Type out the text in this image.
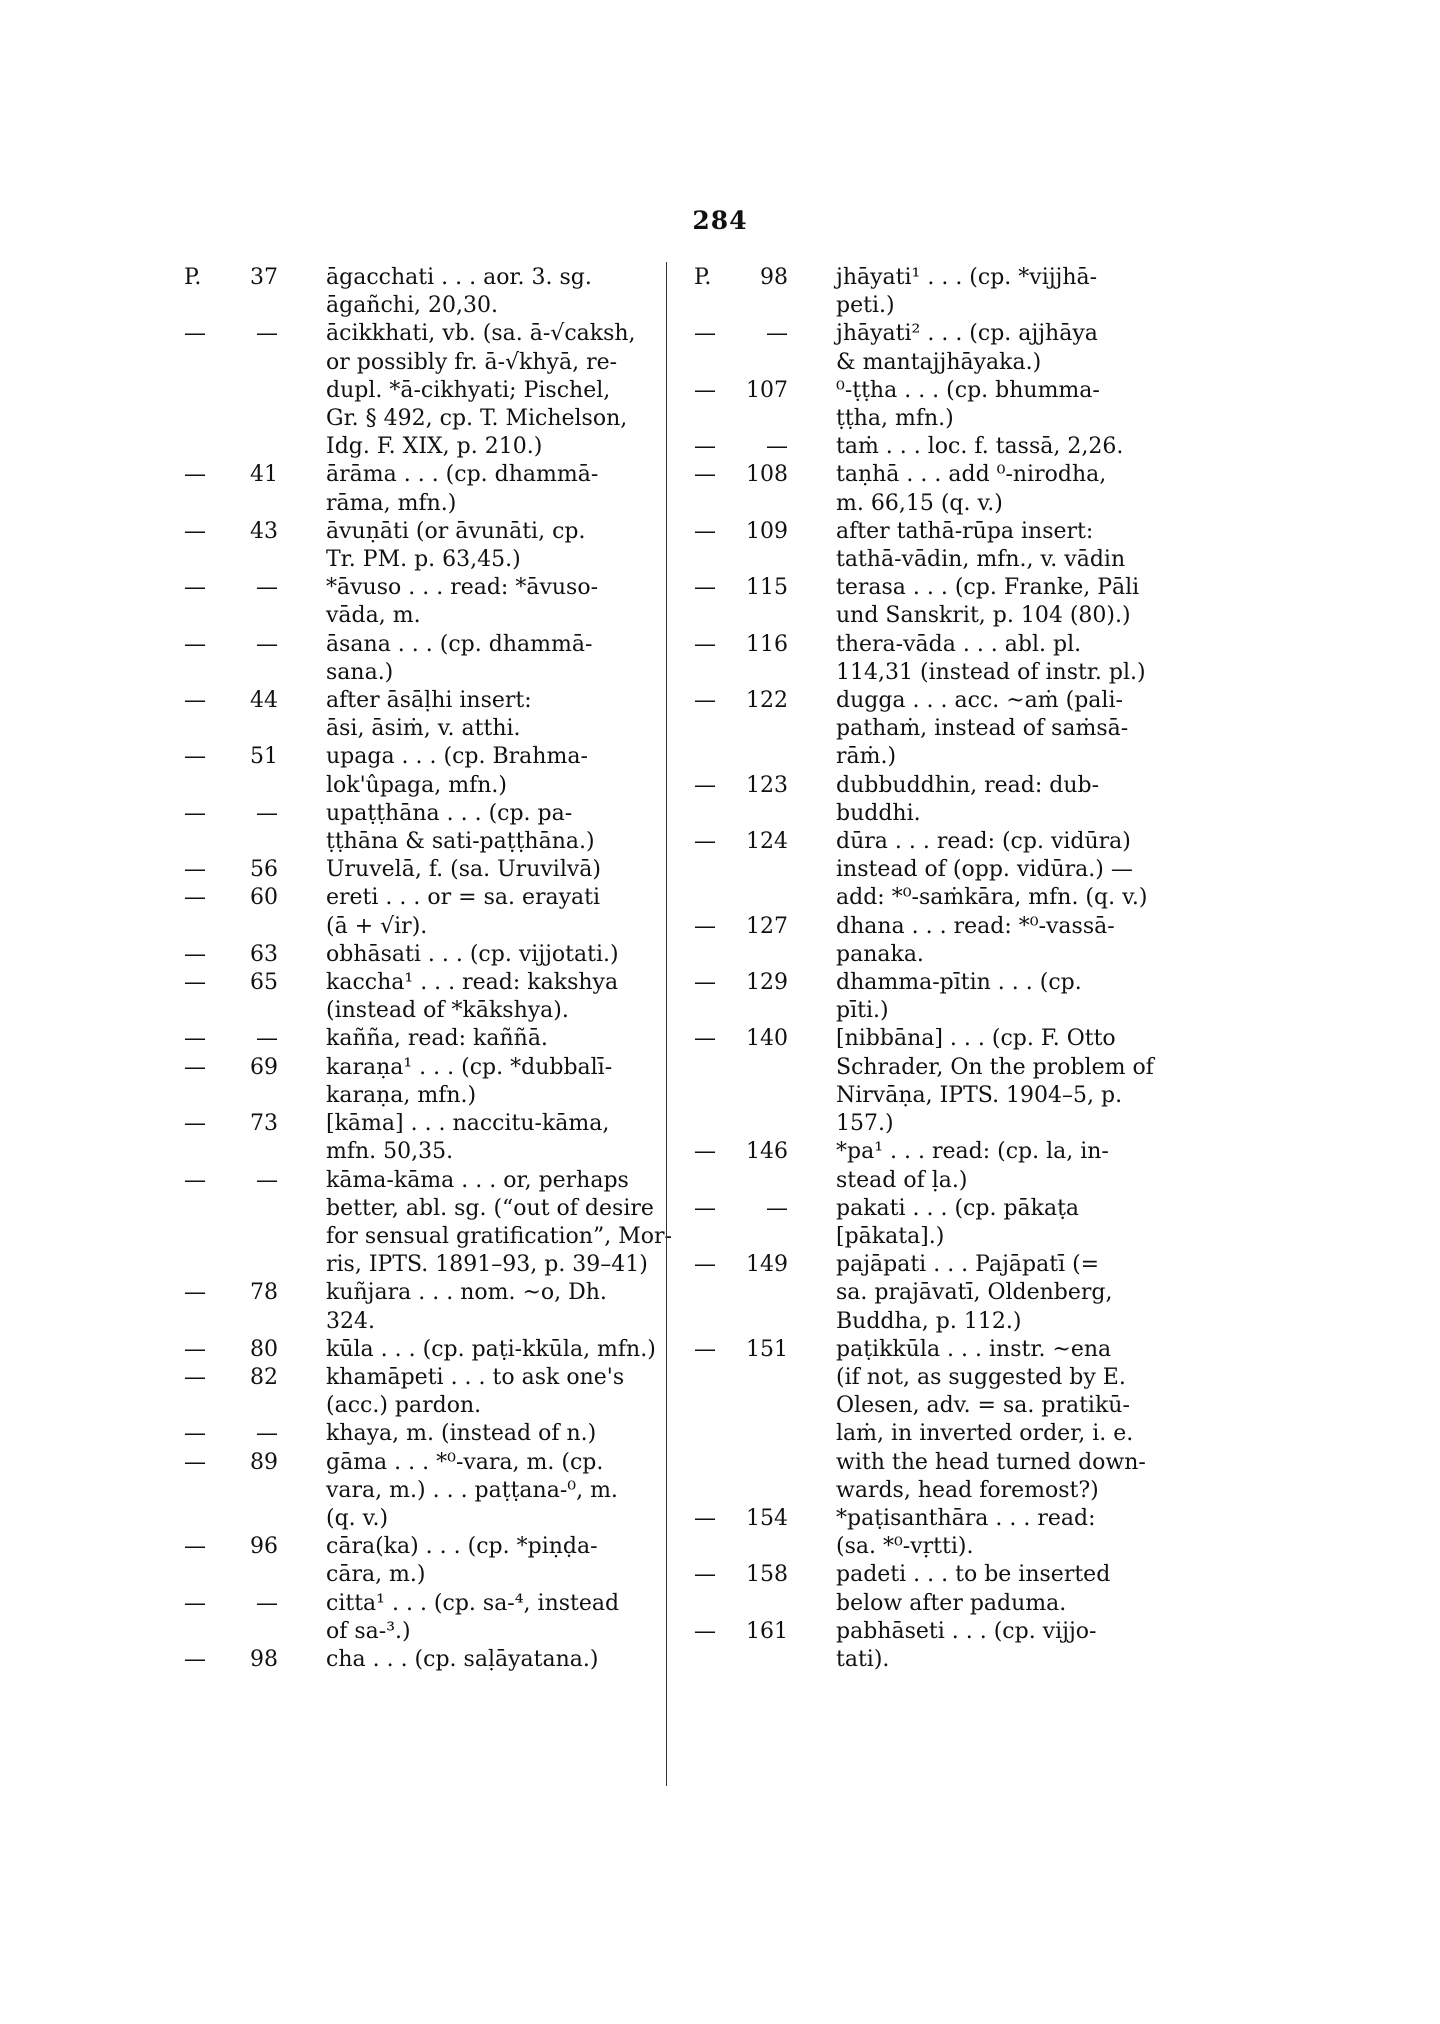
284
P.	37 āgacchati . . . aor. 3. sg.
āgañchi, 20,30.
—	— ācikkhati, vb. (sa. ā-√caksh,
or possibly fr. ā-√khyā, re-
dupl. *ā-cikhyati; Pischel,
Gr. § 492, cp. T. Michelson,
Idg. F. XIX, p. 210.)
—	41 ārāma . . . (cp. dhammā-
rāma, mfn.)
—	43 āvuṇāti (or āvunāti, cp.
Tr. PM. p. 63,45.)
—	— *āvuso . . . read: *āvuso-
vāda, m.
—	— āsana . . . (cp. dhammā-
sana.)
—	44 after āsāḷhi insert:
āsi, āsiṁ, v. atthi.
—	51 upaga . . . (cp. Brahma-
lok'ûpaga, mfn.)
—	— upaṭṭhāna . . . (cp. pa-
ṭṭhāna & sati-paṭṭhāna.)
—	56 Uruvelā, f. (sa. Uruvilvā)
—	60 ereti . . . or = sa. erayati
(ā + √ir).
—	63 obhāsati . . . (cp. vijjotati.)
—	65 kaccha¹ . . . read: kakshya
(instead of *kākshya).
—	— kañña, read: kaññā.
—	69 karaṇa¹ . . . (cp. *dubbalī-
karaṇa, mfn.)
—	73 [kāma] . . . naccitu-kāma,
mfn. 50,35.
—	— kāma-kāma . . . or, perhaps
better, abl. sg. (“out of desire
for sensual gratification”, Mor-
ris, IPTS. 1891–93, p. 39–41)
—	78 kuñjara . . . nom. ~o, Dh.
324.
—	80 kūla . . . (cp. paṭi-kkūla, mfn.)
—	82 khamāpeti . . . to ask one's
(acc.) pardon.
—	— khaya, m. (instead of n.)
—	89 gāma . . . *⁰-vara, m. (cp.
vara, m.) . . . paṭṭana-⁰, m.
(q. v.)
—	96 cāra(ka) . . . (cp. *piṇḍa-
cāra, m.)
—	— citta¹ . . . (cp. sa-⁴, instead
of sa-³.)
—	98 cha . . . (cp. saḷāyatana.)
P.	98 jhāyati¹ . . . (cp. *vijjhā-
peti.)
—	— jhāyati² . . . (cp. ajjhāya
& mantajjhāyaka.)
—	107 ⁰-ṭṭha . . . (cp. bhumma-
ṭṭha, mfn.)
—	— taṁ . . . loc. f. tassā, 2,26.
—	108 taṇhā . . . add ⁰-nirodha,
m. 66,15 (q. v.)
—	109 after tathā-rūpa insert:
tathā-vādin, mfn., v. vādin
—	115 terasa . . . (cp. Franke, Pāli
und Sanskrit, p. 104 (80).)
—	116 thera-vāda . . . abl. pl.
114,31 (instead of instr. pl.)
—	122 dugga . . . acc. ~aṁ (pali-
pathaṁ, instead of saṁsā-
rāṁ.)
—	123 dubbuddhin, read: dub-
buddhi.
—	124 dūra . . . read: (cp. vidūra)
instead of (opp. vidūra.) —
add: *⁰-saṁkāra, mfn. (q. v.)
—	127 dhana . . . read: *⁰-vassā-
panaka.
—	129 dhamma-pītin . . . (cp.
pīti.)
—	140 [nibbāna] . . . (cp. F. Otto
Schrader, On the problem of
Nirvāṇa, IPTS. 1904–5, p.
157.)
—	146 *pa¹ . . . read: (cp. la, in-
stead of ḷa.)
—	— pakati . . . (cp. pākaṭa
[pākata].)
—	149 pajāpati . . . Pajāpatī (=
sa. prajāvatī, Oldenberg,
Buddha, p. 112.)
—	151 paṭikkūla . . . instr. ~ena
(if not, as suggested by E.
Olesen, adv. = sa. pratikū-
laṁ, in inverted order, i. e.
with the head turned down-
wards, head foremost?)
—	154 *paṭisanthāra . . . read:
(sa. *⁰-vṛtti).
—	158 padeti . . . to be inserted
below after paduma.
—	161 pabhāseti . . . (cp. vijjo-
tati).
